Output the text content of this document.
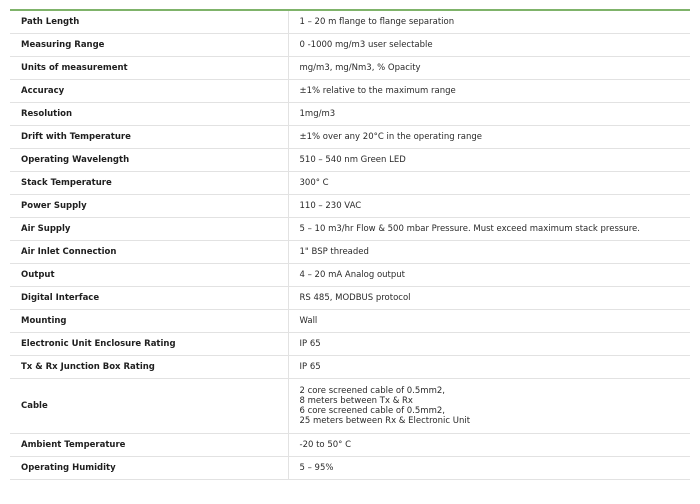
Path Length	1 – 20 m flange to flange separation
Measuring Range	0 -1000 mg/m3 user selectable
Units of measurement	mg/m3, mg/Nm3, % Opacity
Accuracy	±1% relative to the maximum range
Resolution	1mg/m3
Drift with Temperature	±1% over any 20°C in the operating range
Operating Wavelength	510 – 540 nm Green LED
Stack Temperature	300° C
Power Supply	110 – 230 VAC
Air Supply	5 – 10 m3/hr Flow & 500 mbar Pressure. Must exceed maximum stack pressure.
Air Inlet Connection	1" BSP threaded
Output	4 – 20 mA Analog output
Digital Interface	RS 485, MODBUS protocol
Mounting	Wall
Electronic Unit Enclosure Rating	IP 65
Tx & Rx Junction Box Rating	IP 65
Cable	2 core screened cable of 0.5mm2,
8 meters between Tx & Rx
6 core screened cable of 0.5mm2,
25 meters between Rx & Electronic Unit

Ambient Temperature	-20 to 50° C
Operating Humidity	5 – 95%
